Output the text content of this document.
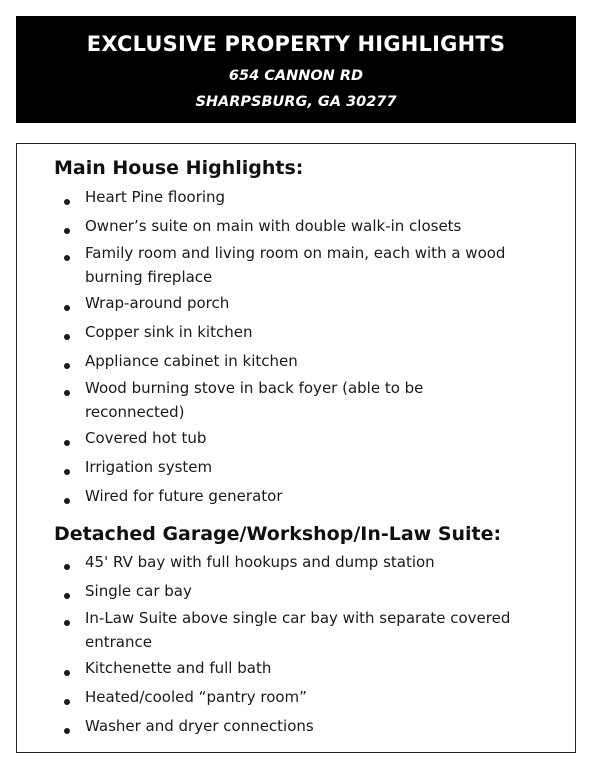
EXCLUSIVE PROPERTY HIGHLIGHTS
654 CANNON RD
SHARPSBURG, GA 30277
Main House Highlights:
Heart Pine flooring
Owner’s suite on main with double walk-in closets
Family room and living room on main, each with a wood burning fireplace
Wrap-around porch
Copper sink in kitchen
Appliance cabinet in kitchen
Wood burning stove in back foyer (able to be reconnected)
Covered hot tub
Irrigation system
Wired for future generator
Detached Garage/Workshop/In-Law Suite:
45' RV bay with full hookups and dump station
Single car bay
In-Law Suite above single car bay with separate covered entrance
Kitchenette and full bath
Heated/cooled “pantry room”
Washer and dryer connections
